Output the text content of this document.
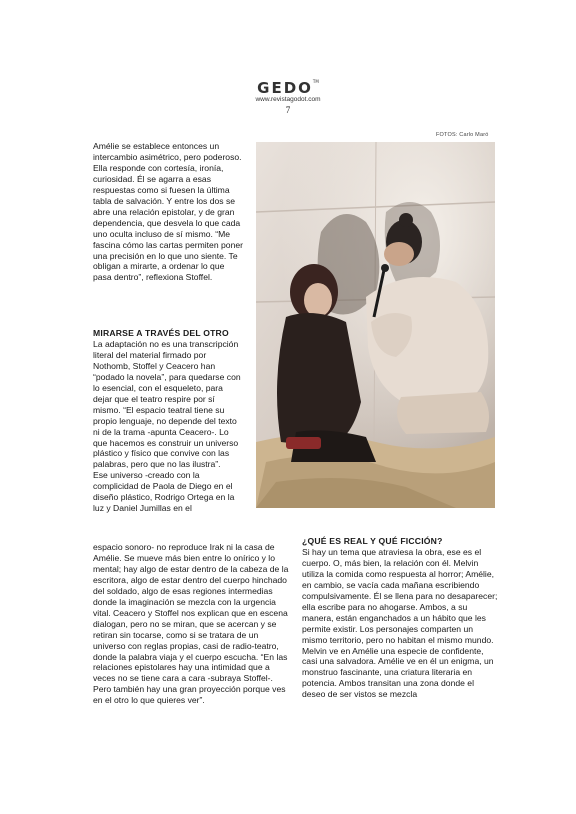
GEDO™
www.revistagodot.com
7
FOTOS: Carlo Maró

Amélie se establece entonces un intercambio asimétrico, pero poderoso. Ella responde con cortesía, ironía, curiosidad. Él se agarra a esas respuestas como si fuesen la última tabla de salvación. Y entre los dos se abre una relación epistolar, y de gran dependencia, que desvela lo que cada uno oculta incluso de sí mismo. “Me fascina cómo las cartas permiten poner una precisión en lo que uno siente. Te obligan a mirarte, a ordenar lo que pasa dentro”, reflexiona Stoffel.

MIRARSE A TRAVÉS DEL OTRO

La adaptación no es una transcripción literal del material firmado por Nothomb, Stoffel y Ceacero han “podado la novela”, para quedarse con lo esencial, con el esqueleto, para dejar que el teatro respire por sí mismo. “El espacio teatral tiene su propio lenguaje, no depende del texto ni de la trama -apunta Ceacero-. Lo que hacemos es construir un universo plástico y físico que convive con las palabras, pero que no las ilustra”.

Ese universo -creado con la complicidad de Paola de Diego en el diseño plástico, Rodrigo Ortega en la luz y Daniel Jumillas en el

espacio sonoro- no reproduce Irak ni la casa de Amélie. Se mueve más bien entre lo onírico y lo mental; hay algo de estar dentro de la cabeza de la escritora, algo de estar dentro del cuerpo hinchado del soldado, algo de esas regiones intermedias donde la imaginación se mezcla con la urgencia vital. Ceacero y Stoffel nos explican que en escena dialogan, pero no se miran, que se acercan y se retiran sin tocarse, como si se tratara de un universo con reglas propias, casi de radio-teatro, donde la palabra viaja y el cuerpo escucha. “En las relaciones epistolares hay una intimidad que a veces no se tiene cara a cara -subraya Stoffel-. Pero también hay una gran proyección porque ves en el otro lo que quieres ver”.

¿QUÉ ES REAL Y QUÉ FICCIÓN?

Si hay un tema que atraviesa la obra, ese es el cuerpo. O, más bien, la relación con él. Melvin utiliza la comida como respuesta al horror; Amélie, en cambio, se vacía cada mañana escribiendo compulsivamente. Él se llena para no desaparecer; ella escribe para no ahogarse. Ambos, a su manera, están enganchados a un hábito que les permite existir. Los personajes comparten un mismo territorio, pero no habitan el mismo mundo.

Melvin ve en Amélie una especie de confidente, casi una salvadora. Amélie ve en él un enigma, un monstruo fascinante, una criatura literaria en potencia. Ambos transitan una zona donde el deseo de ser vistos se mezcla
